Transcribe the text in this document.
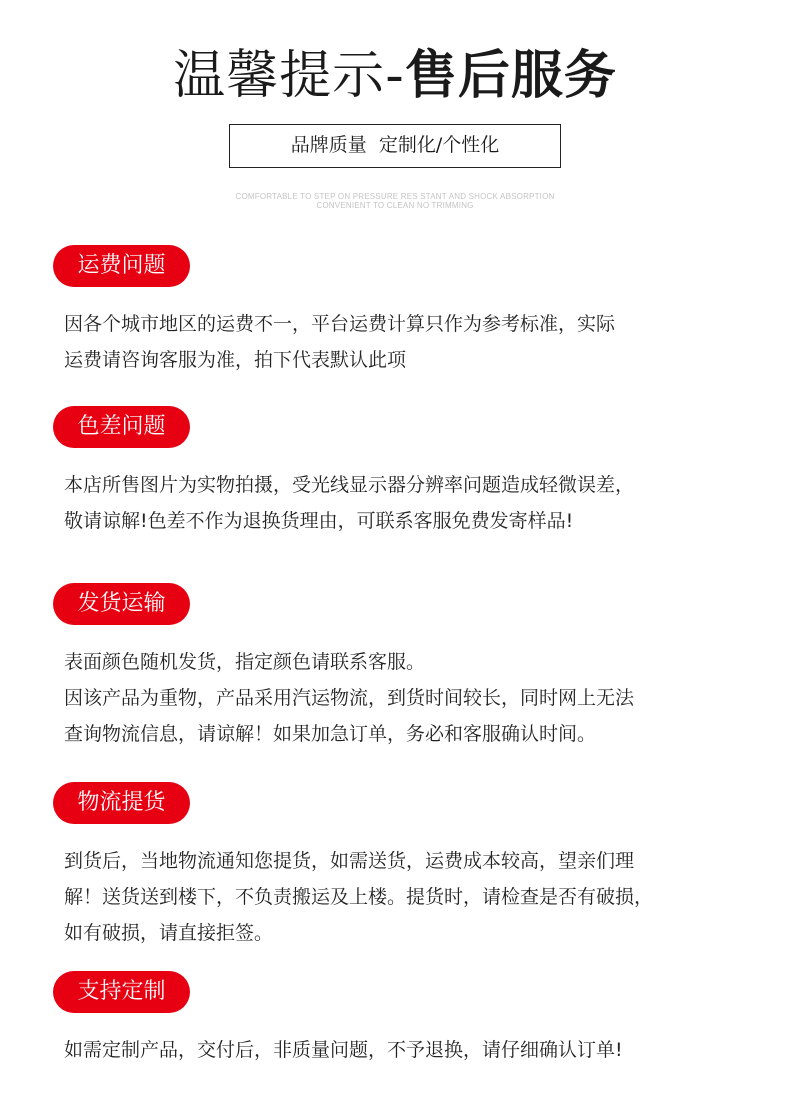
温馨提示-售后服务
品牌质量  定制化/个性化
COMFORTABLE TO STEP ON PRESSURE RES STANT AND SHOCK ABSORPTION
CONVENIENT TO CLEAN NO TRIMMING
运费问题

因各个城市地区的运费不一，平台运费计算只作为参考标准，实际

运费请咨询客服为准，拍下代表默认此项

色差问题

本店所售图片为实物拍摄，受光线显示器分辨率问题造成轻微误差，

敬请谅解!色差不作为退换货理由，可联系客服免费发寄样品!

发货运输

表面颜色随机发货，指定颜色请联系客服。

因该产品为重物，产品采用汽运物流，到货时间较长，同时网上无法

查询物流信息，请谅解！如果加急订单，务必和客服确认时间。

物流提货

到货后，当地物流通知您提货，如需送货，运费成本较高，望亲们理

解！送货送到楼下，不负责搬运及上楼。提货时，请检查是否有破损，

如有破损，请直接拒签。

支持定制

如需定制产品，交付后，非质量问题，不予退换，请仔细确认订单!
